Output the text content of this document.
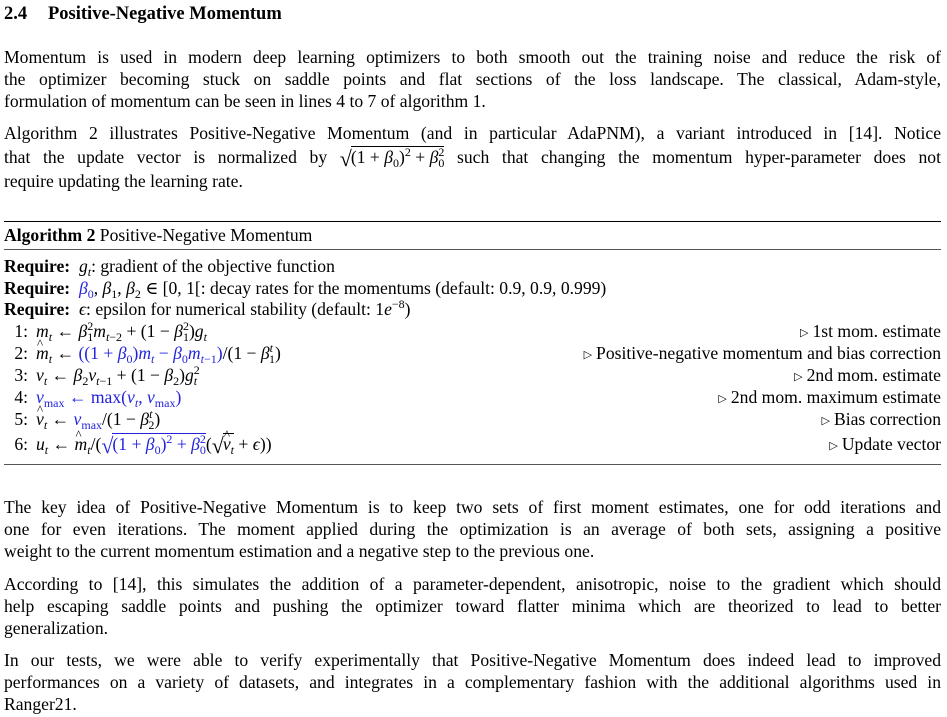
2.4 Positive-Negative Momentum
Momentum is used in modern deep learning optimizers to both smooth out the training noise and reduce the risk of
the optimizer becoming stuck on saddle points and flat sections of the loss landscape. The classical, Adam-style,
formulation of momentum can be seen in lines 4 to 7 of algorithm 1.
Algorithm 2 illustrates Positive-Negative Momentum (and in particular AdaPNM), a variant introduced in [14]. Notice
that the update vector is normalized by $√(1 + \beta_0)^2 + \beta^2_0$ such that changing the momentum hyper-parameter does not
require updating the learning rate.
Algorithm 2 Positive-Negative Momentum
Require: $g_t$: gradient of the objective function
Require: $\beta_0$, $\beta_1$, $\beta_2$ ∈ [0, 1[: decay rates for the momentums (default: 0.9, 0.9, 0.999)
Require: ϵ: epsilon for numerical stability (default: $1e^{-8}$)
1: $m_t$ ← $\beta^2_1m_{t-2} + (1 - \beta^2_1)g_t$	▷ 1st mom. estimate
2: ^ $m_t$ ← $((1 + \beta_0)m_t - \beta_0m_{t-1})/(1 - \beta^t_1)$	▷ Positive-negative momentum and bias correction
3: $v_t$ ← $\beta_2v_{t-1} + (1 - \beta_2)g^2_t$	▷ 2nd mom. estimate
4: $v_{max}$ ← $\max(v_t$, $v_{max}$)	▷ 2nd mom. maximum estimate
5: ^ $v_t$ ← $v_{max}/(1 - \beta^t_2)$	▷ Bias correction
6: $u_t$ ← ^ $m_t/(√(1 + \beta_0)^2$ + $\beta^2_0(√\^{}$ $v_t + \epsilon$))	▷ Update vector
The key idea of Positive-Negative Momentum is to keep two sets of first moment estimates, one for odd iterations and
one for even iterations. The moment applied during the optimization is an average of both sets, assigning a positive
weight to the current momentum estimation and a negative step to the previous one.
According to [14], this simulates the addition of a parameter-dependent, anisotropic, noise to the gradient which should
help escaping saddle points and pushing the optimizer toward flatter minima which are theorized to lead to better
generalization.
In our tests, we were able to verify experimentally that Positive-Negative Momentum does indeed lead to improved
performances on a variety of datasets, and integrates in a complementary fashion with the additional algorithms used in
Ranger21.
